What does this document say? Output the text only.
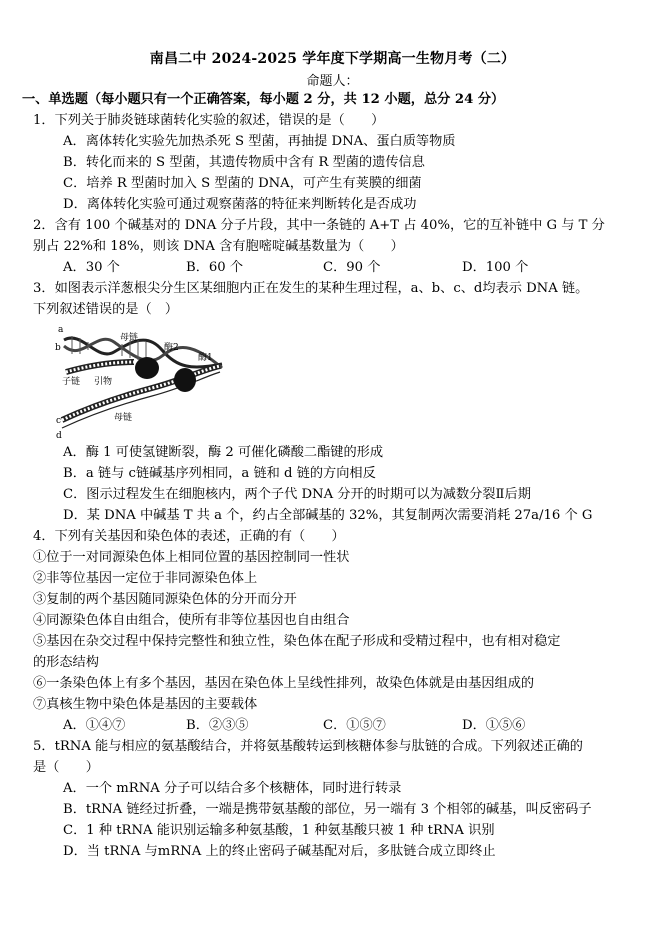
南昌二中 2024-2025 学年度下学期高一生物月考（二）
命题人：
一、单选题（每小题只有一个正确答案，每小题 2 分，共 12 小题，总分 24 分）
1．下列关于肺炎链球菌转化实验的叙述，错误的是（　　）
A．离体转化实验先加热杀死 S 型菌，再抽提 DNA、蛋白质等物质
B．转化而来的 S 型菌，其遗传物质中含有 R 型菌的遗传信息
C．培养 R 型菌时加入 S 型菌的 DNA，可产生有荚膜的细菌
D．离体转化实验可通过观察菌落的特征来判断转化是否成功
2．含有 100 个碱基对的 DNA 分子片段，其中一条链的 A+T 占 40%，它的互补链中 G 与 T 分
别占 22%和 18%，则该 DNA 含有胞嘧啶碱基数量为（　　）
A．30 个	B．60 个	C．90 个	D．100 个
3．如图表示洋葱根尖分生区某细胞内正在发生的某种生理过程，a、b、c、d均表示 DNA 链。
下列叙述错误的是（　）
a
b
c
d
母链
酶2
酶1
子链 引物
母链
A．酶 1 可使氢键断裂，酶 2 可催化磷酸二酯键的形成
B．a 链与 c链碱基序列相同，a 链和 d 链的方向相反
C．图示过程发生在细胞核内，两个子代 DNA 分开的时期可以为减数分裂Ⅱ后期
D．某 DNA 中碱基 T 共 a 个，约占全部碱基的 32%，其复制两次需要消耗 27a/16 个 G
4．下列有关基因和染色体的表述，正确的有（　　）
①位于一对同源染色体上相同位置的基因控制同一性状
②非等位基因一定位于非同源染色体上
③复制的两个基因随同源染色体的分开而分开
④同源染色体自由组合，使所有非等位基因也自由组合
⑤基因在杂交过程中保持完整性和独立性，染色体在配子形成和受精过程中，也有相对稳定
的形态结构
⑥一条染色体上有多个基因，基因在染色体上呈线性排列，故染色体就是由基因组成的
⑦真核生物中染色体是基因的主要载体
A．①④⑦	B．②③⑤	C．①⑤⑦	D．①⑤⑥
5．tRNA 能与相应的氨基酸结合，并将氨基酸转运到核糖体参与肽链的合成。下列叙述正确的
是（　　）
A．一个 mRNA 分子可以结合多个核糖体，同时进行转录
B．tRNA 链经过折叠，一端是携带氨基酸的部位，另一端有 3 个相邻的碱基，叫反密码子
C．1 种 tRNA 能识别运输多种氨基酸，1 种氨基酸只被 1 种 tRNA 识别
D．当 tRNA 与mRNA 上的终止密码子碱基配对后，多肽链合成立即终止
